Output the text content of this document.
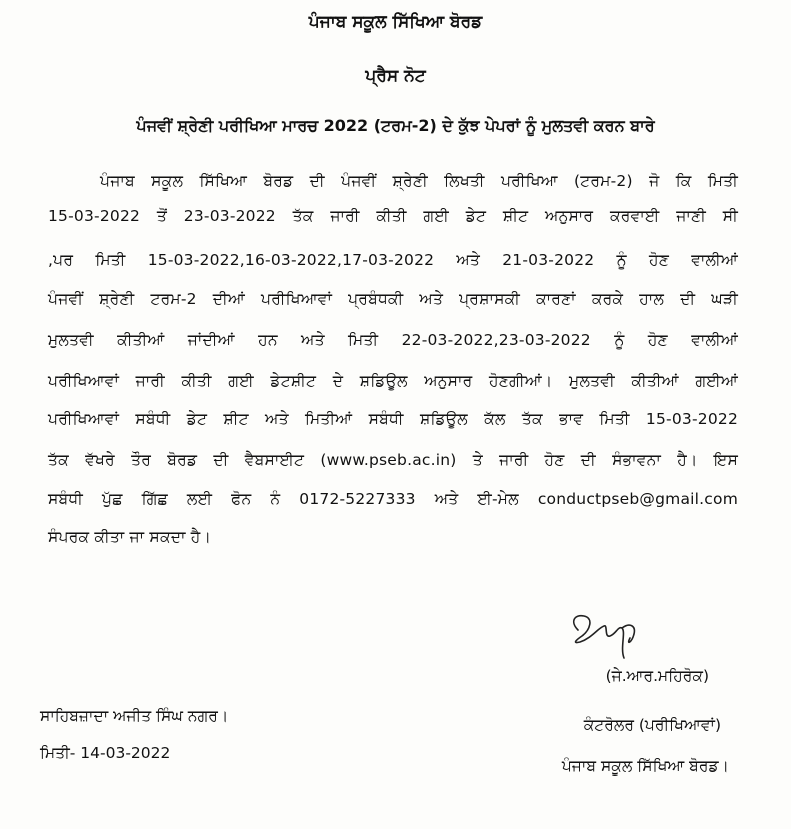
ਪੰਜਾਬ ਸਕੂਲ ਸਿੱਖਿਆ ਬੋਰਡ
ਪ੍ਰੈਸ ਨੋਟ
ਪੰਜਵੀਂ ਸ਼੍ਰੇਣੀ ਪਰੀਖਿਆ ਮਾਰਚ 2022 (ਟਰਮ-2) ਦੇ ਕੁੱਝ ਪੇਪਰਾਂ ਨੂੰ ਮੁਲਤਵੀ ਕਰਨ ਬਾਰੇ
ਪੰਜਾਬ ਸਕੂਲ ਸਿੱਖਿਆ ਬੋਰਡ ਦੀ ਪੰਜਵੀਂ ਸ਼੍ਰੇਣੀ ਲਿਖਤੀ ਪਰੀਖਿਆ (ਟਰਮ-2) ਜੋ ਕਿ ਮਿਤੀ
15-03-2022 ਤੋਂ 23-03-2022 ਤੱਕ ਜਾਰੀ ਕੀਤੀ ਗਈ ਡੇਟ ਸ਼ੀਟ ਅਨੁਸਾਰ ਕਰਵਾਈ ਜਾਣੀ ਸੀ
,ਪਰ ਮਿਤੀ 15-03-2022,16-03-2022,17-03-2022 ਅਤੇ 21-03-2022 ਨੂੰ ਹੋਣ ਵਾਲੀਆਂ
ਪੰਜਵੀਂ ਸ਼੍ਰੇਣੀ ਟਰਮ-2 ਦੀਆਂ ਪਰੀਖਿਆਵਾਂ ਪ੍ਰਬੰਧਕੀ ਅਤੇ ਪ੍ਰਸ਼ਾਸਕੀ ਕਾਰਣਾਂ ਕਰਕੇ ਹਾਲ ਦੀ ਘੜੀ
ਮੁਲਤਵੀ ਕੀਤੀਆਂ ਜਾਂਦੀਆਂ ਹਨ ਅਤੇ ਮਿਤੀ 22-03-2022,23-03-2022 ਨੂੰ ਹੋਣ ਵਾਲੀਆਂ
ਪਰੀਖਿਆਵਾਂ ਜਾਰੀ ਕੀਤੀ ਗਈ ਡੇਟਸ਼ੀਟ ਦੇ ਸ਼ਡਿਊਲ ਅਨੁਸਾਰ ਹੋਣਗੀਆਂ। ਮੁਲਤਵੀ ਕੀਤੀਆਂ ਗਈਆਂ
ਪਰੀਖਿਆਵਾਂ ਸਬੰਧੀ ਡੇਟ ਸ਼ੀਟ ਅਤੇ ਮਿਤੀਆਂ ਸਬੰਧੀ ਸ਼ਡਿਊਲ ਕੱਲ ਤੱਕ ਭਾਵ ਮਿਤੀ 15-03-2022
ਤੱਕ ਵੱਖਰੇ ਤੌਰ ਬੋਰਡ ਦੀ ਵੈਬਸਾਈਟ (www.pseb.ac.in) ਤੇ ਜਾਰੀ ਹੋਣ ਦੀ ਸੰਭਾਵਨਾ ਹੈ। ਇਸ
ਸਬੰਧੀ ਪੁੱਛ ਗਿੱਛ ਲਈ ਫੋਨ ਨੰ 0172-5227333 ਅਤੇ ਈ-ਮੇਲ conductpseb@gmail.com
ਸੰਪਰਕ ਕੀਤਾ ਜਾ ਸਕਦਾ ਹੈ।
(ਜੇ.ਆਰ.ਮਹਿਰੋਕ)
ਕੰਟਰੋਲਰ (ਪਰੀਖਿਆਵਾਂ)
ਪੰਜਾਬ ਸਕੂਲ ਸਿੱਖਿਆ ਬੋਰਡ।
ਸਾਹਿਬਜ਼ਾਦਾ ਅਜੀਤ ਸਿੰਘ ਨਗਰ।
ਮਿਤੀ- 14-03-2022
